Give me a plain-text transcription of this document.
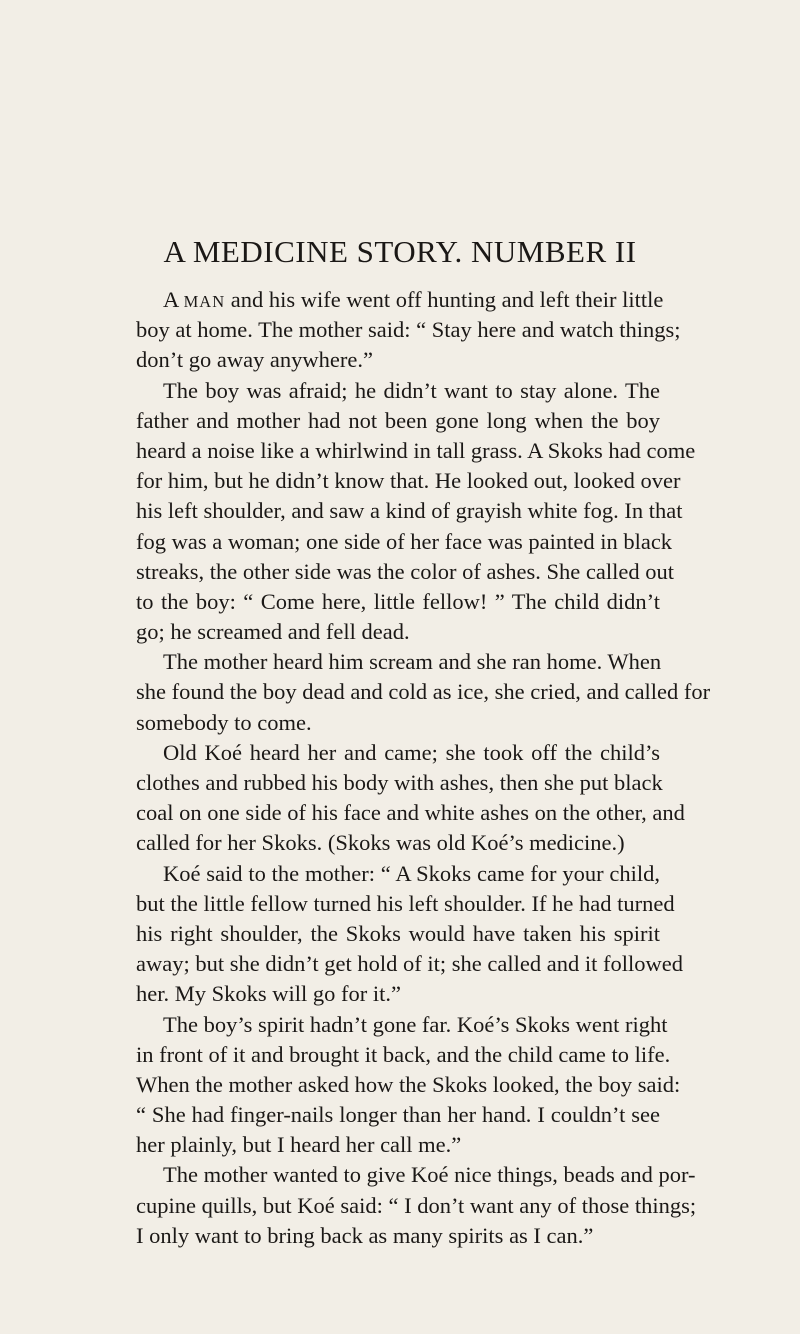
A MEDICINE STORY. NUMBER II
A MAN and his wife went off hunting and left their little
boy at home. The mother said: “ Stay here and watch things;
don’t go away anywhere.”
The boy was afraid; he didn’t want to stay alone. The
father and mother had not been gone long when the boy
heard a noise like a whirlwind in tall grass. A Skoks had come
for him, but he didn’t know that. He looked out, looked over
his left shoulder, and saw a kind of grayish white fog. In that
fog was a woman; one side of her face was painted in black
streaks, the other side was the color of ashes. She called out
to the boy: “ Come here, little fellow! ” The child didn’t
go; he screamed and fell dead.
The mother heard him scream and she ran home. When
she found the boy dead and cold as ice, she cried, and called for
somebody to come.
Old Koé heard her and came; she took off the child’s
clothes and rubbed his body with ashes, then she put black
coal on one side of his face and white ashes on the other, and
called for her Skoks. (Skoks was old Koé’s medicine.)
Koé said to the mother: “ A Skoks came for your child,
but the little fellow turned his left shoulder. If he had turned
his right shoulder, the Skoks would have taken his spirit
away; but she didn’t get hold of it; she called and it followed
her. My Skoks will go for it.”
The boy’s spirit hadn’t gone far. Koé’s Skoks went right
in front of it and brought it back, and the child came to life.
When the mother asked how the Skoks looked, the boy said:
“ She had finger-nails longer than her hand. I couldn’t see
her plainly, but I heard her call me.”
The mother wanted to give Koé nice things, beads and por-
cupine quills, but Koé said: “ I don’t want any of those things;
I only want to bring back as many spirits as I can.”
